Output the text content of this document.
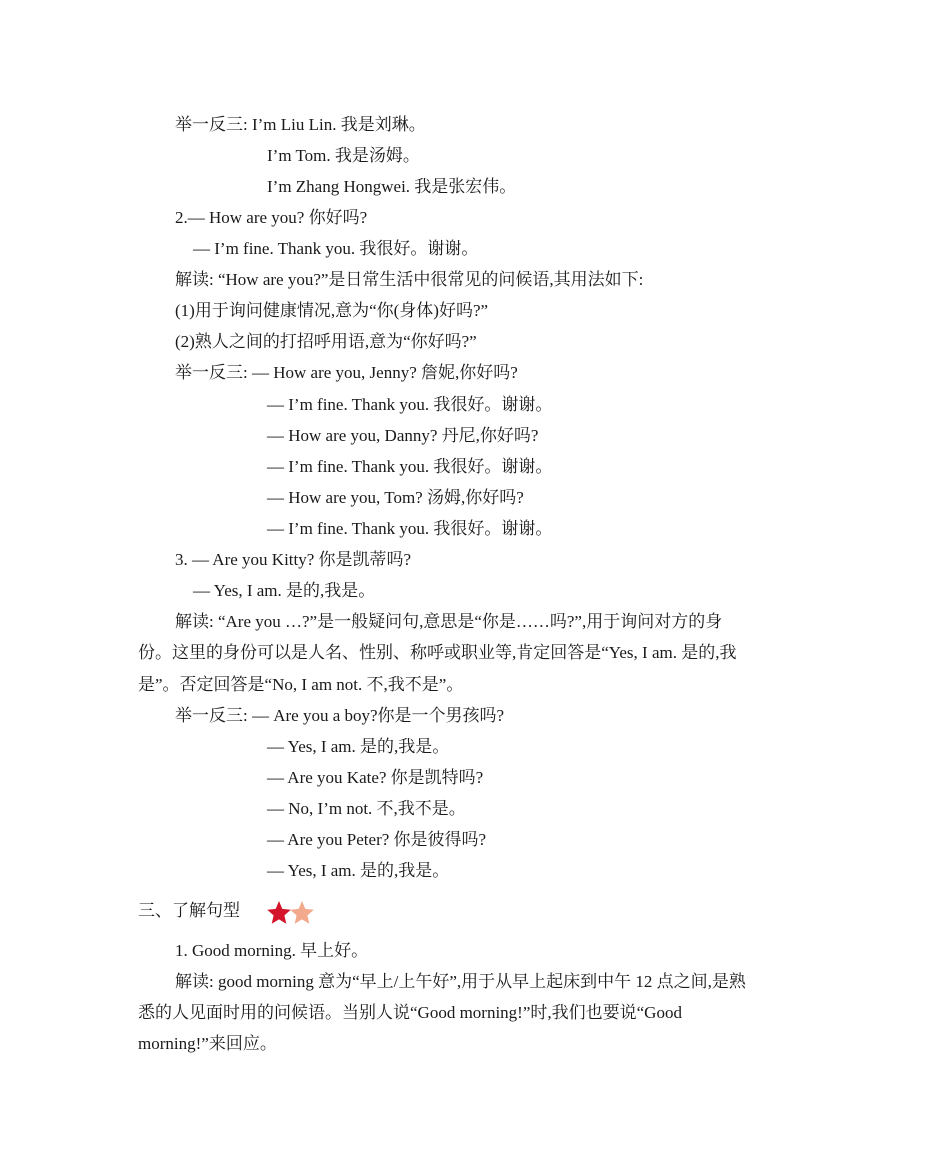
举一反三: I’m Liu Lin. 我是刘琳。
I’m Tom. 我是汤姆。
I’m Zhang Hongwei. 我是张宏伟。
2.— How are you? 你好吗?
— I’m fine. Thank you. 我很好。谢谢。
解读: “How are you?”是日常生活中很常见的问候语,其用法如下:
(1)用于询问健康情况,意为“你(身体)好吗?”
(2)熟人之间的打招呼用语,意为“你好吗?”
举一反三: — How are you, Jenny? 詹妮,你好吗?
— I’m fine. Thank you. 我很好。谢谢。
— How are you, Danny? 丹尼,你好吗?
— I’m fine. Thank you. 我很好。谢谢。
— How are you, Tom? 汤姆,你好吗?
— I’m fine. Thank you. 我很好。谢谢。
3. — Are you Kitty? 你是凯蒂吗?
— Yes, I am. 是的,我是。
解读: “Are you …?”是一般疑问句,意思是“你是……吗?”,用于询问对方的身
份。这里的身份可以是人名、性别、称呼或职业等,肯定回答是“Yes, I am. 是的,我
是”。否定回答是“No, I am not. 不,我不是”。
举一反三: — Are you a boy?你是一个男孩吗?
— Yes, I am. 是的,我是。
— Are you Kate? 你是凯特吗?
— No, I’m not. 不,我不是。
— Are you Peter? 你是彼得吗?
— Yes, I am. 是的,我是。
三、了解句型
1. Good morning. 早上好。
解读: good morning 意为“早上/上午好”,用于从早上起床到中午 12 点之间,是熟
悉的人见面时用的问候语。当别人说“Good morning!”时,我们也要说“Good
morning!”来回应。
